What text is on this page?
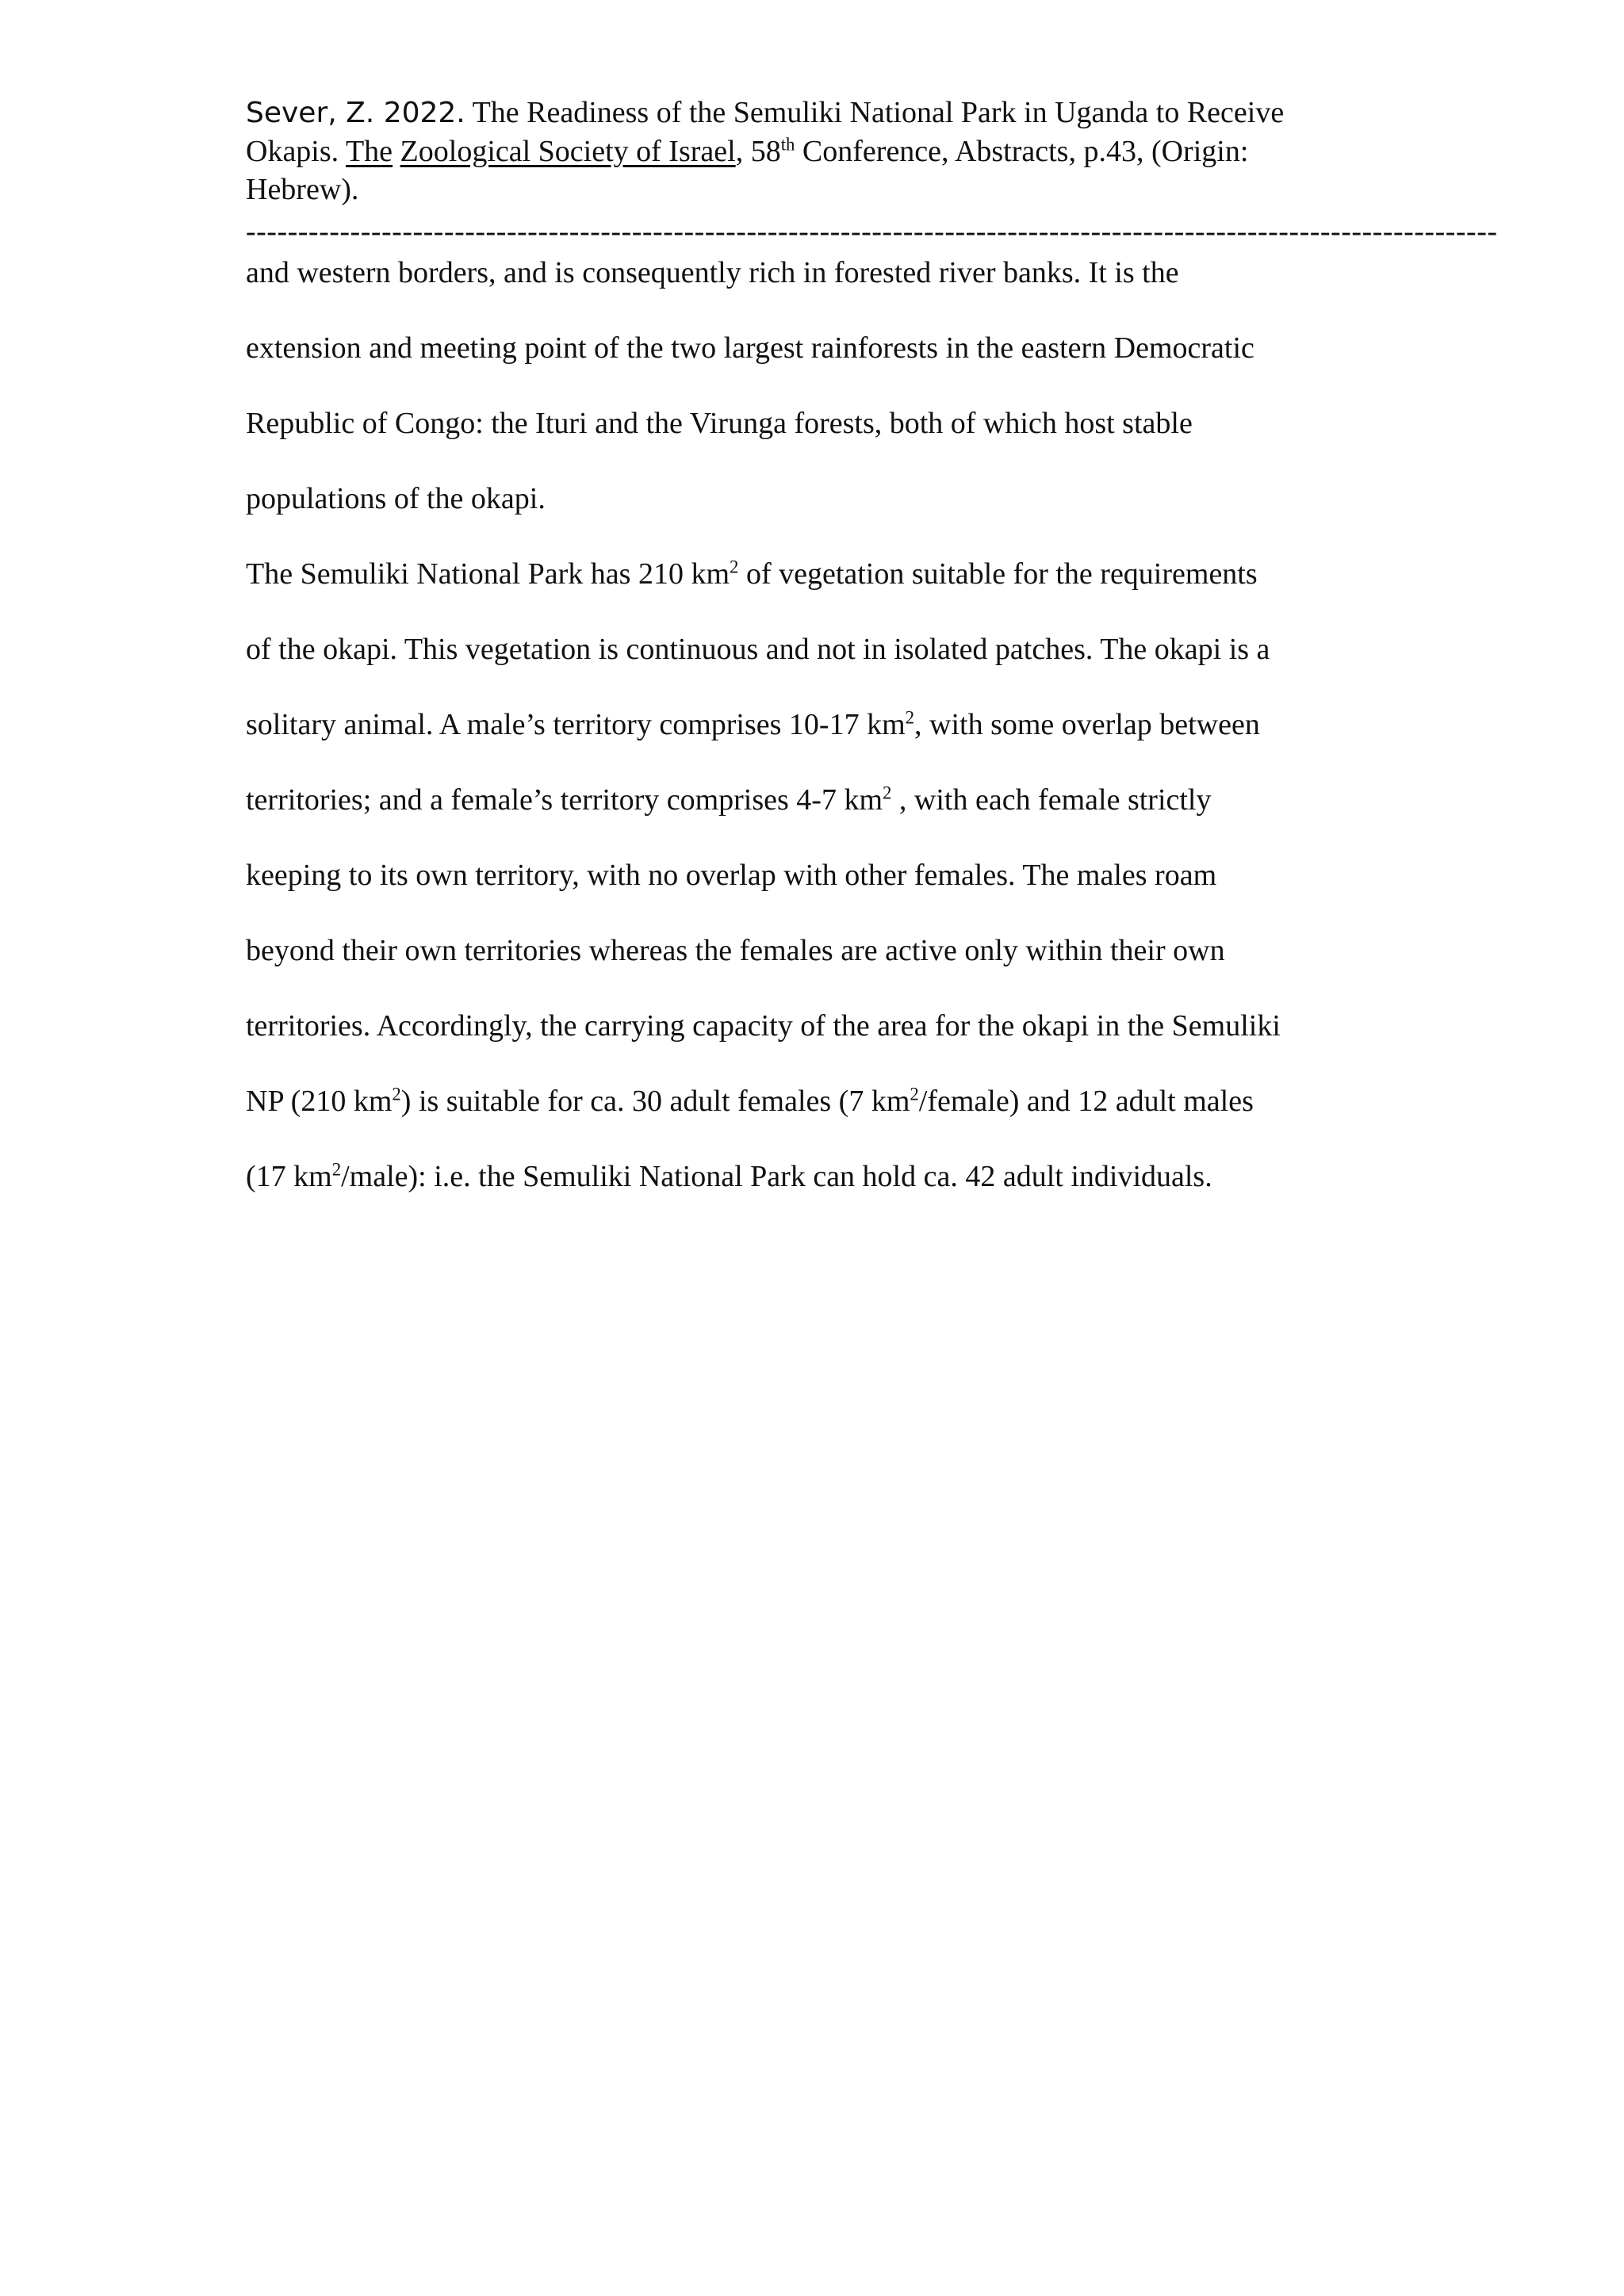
Sever, Z. 2022. The Readiness of the Semuliki National Park in Uganda to Receive
Okapis. The Zoological Society of Israel, 58th Conference, Abstracts, p.43, (Origin:
Hebrew).
------------------------------------------------------------------------------------------------------------------------
and western borders, and is consequently rich in forested river banks. It is the
extension and meeting point of the two largest rainforests in the eastern Democratic
Republic of Congo: the Ituri and the Virunga forests, both of which host stable
populations of the okapi.
The Semuliki National Park has 210 $km^2$ of vegetation suitable for the requirements
of the okapi. This vegetation is continuous and not in isolated patches. The okapi is a
solitary animal. A male’s territory comprises 10-17 $km^2$, with some overlap between
territories; and a female’s territory comprises 4-7 $km^2$ , with each female strictly
keeping to its own territory, with no overlap with other females. The males roam
beyond their own territories whereas the females are active only within their own
territories. Accordingly, the carrying capacity of the area for the okapi in the Semuliki
NP (210 $km^2$) is suitable for ca. 30 adult females (7 $km^2/female$) and 12 adult males
(17 $km^2/male$): i.e. the Semuliki National Park can hold ca. 42 adult individuals.
